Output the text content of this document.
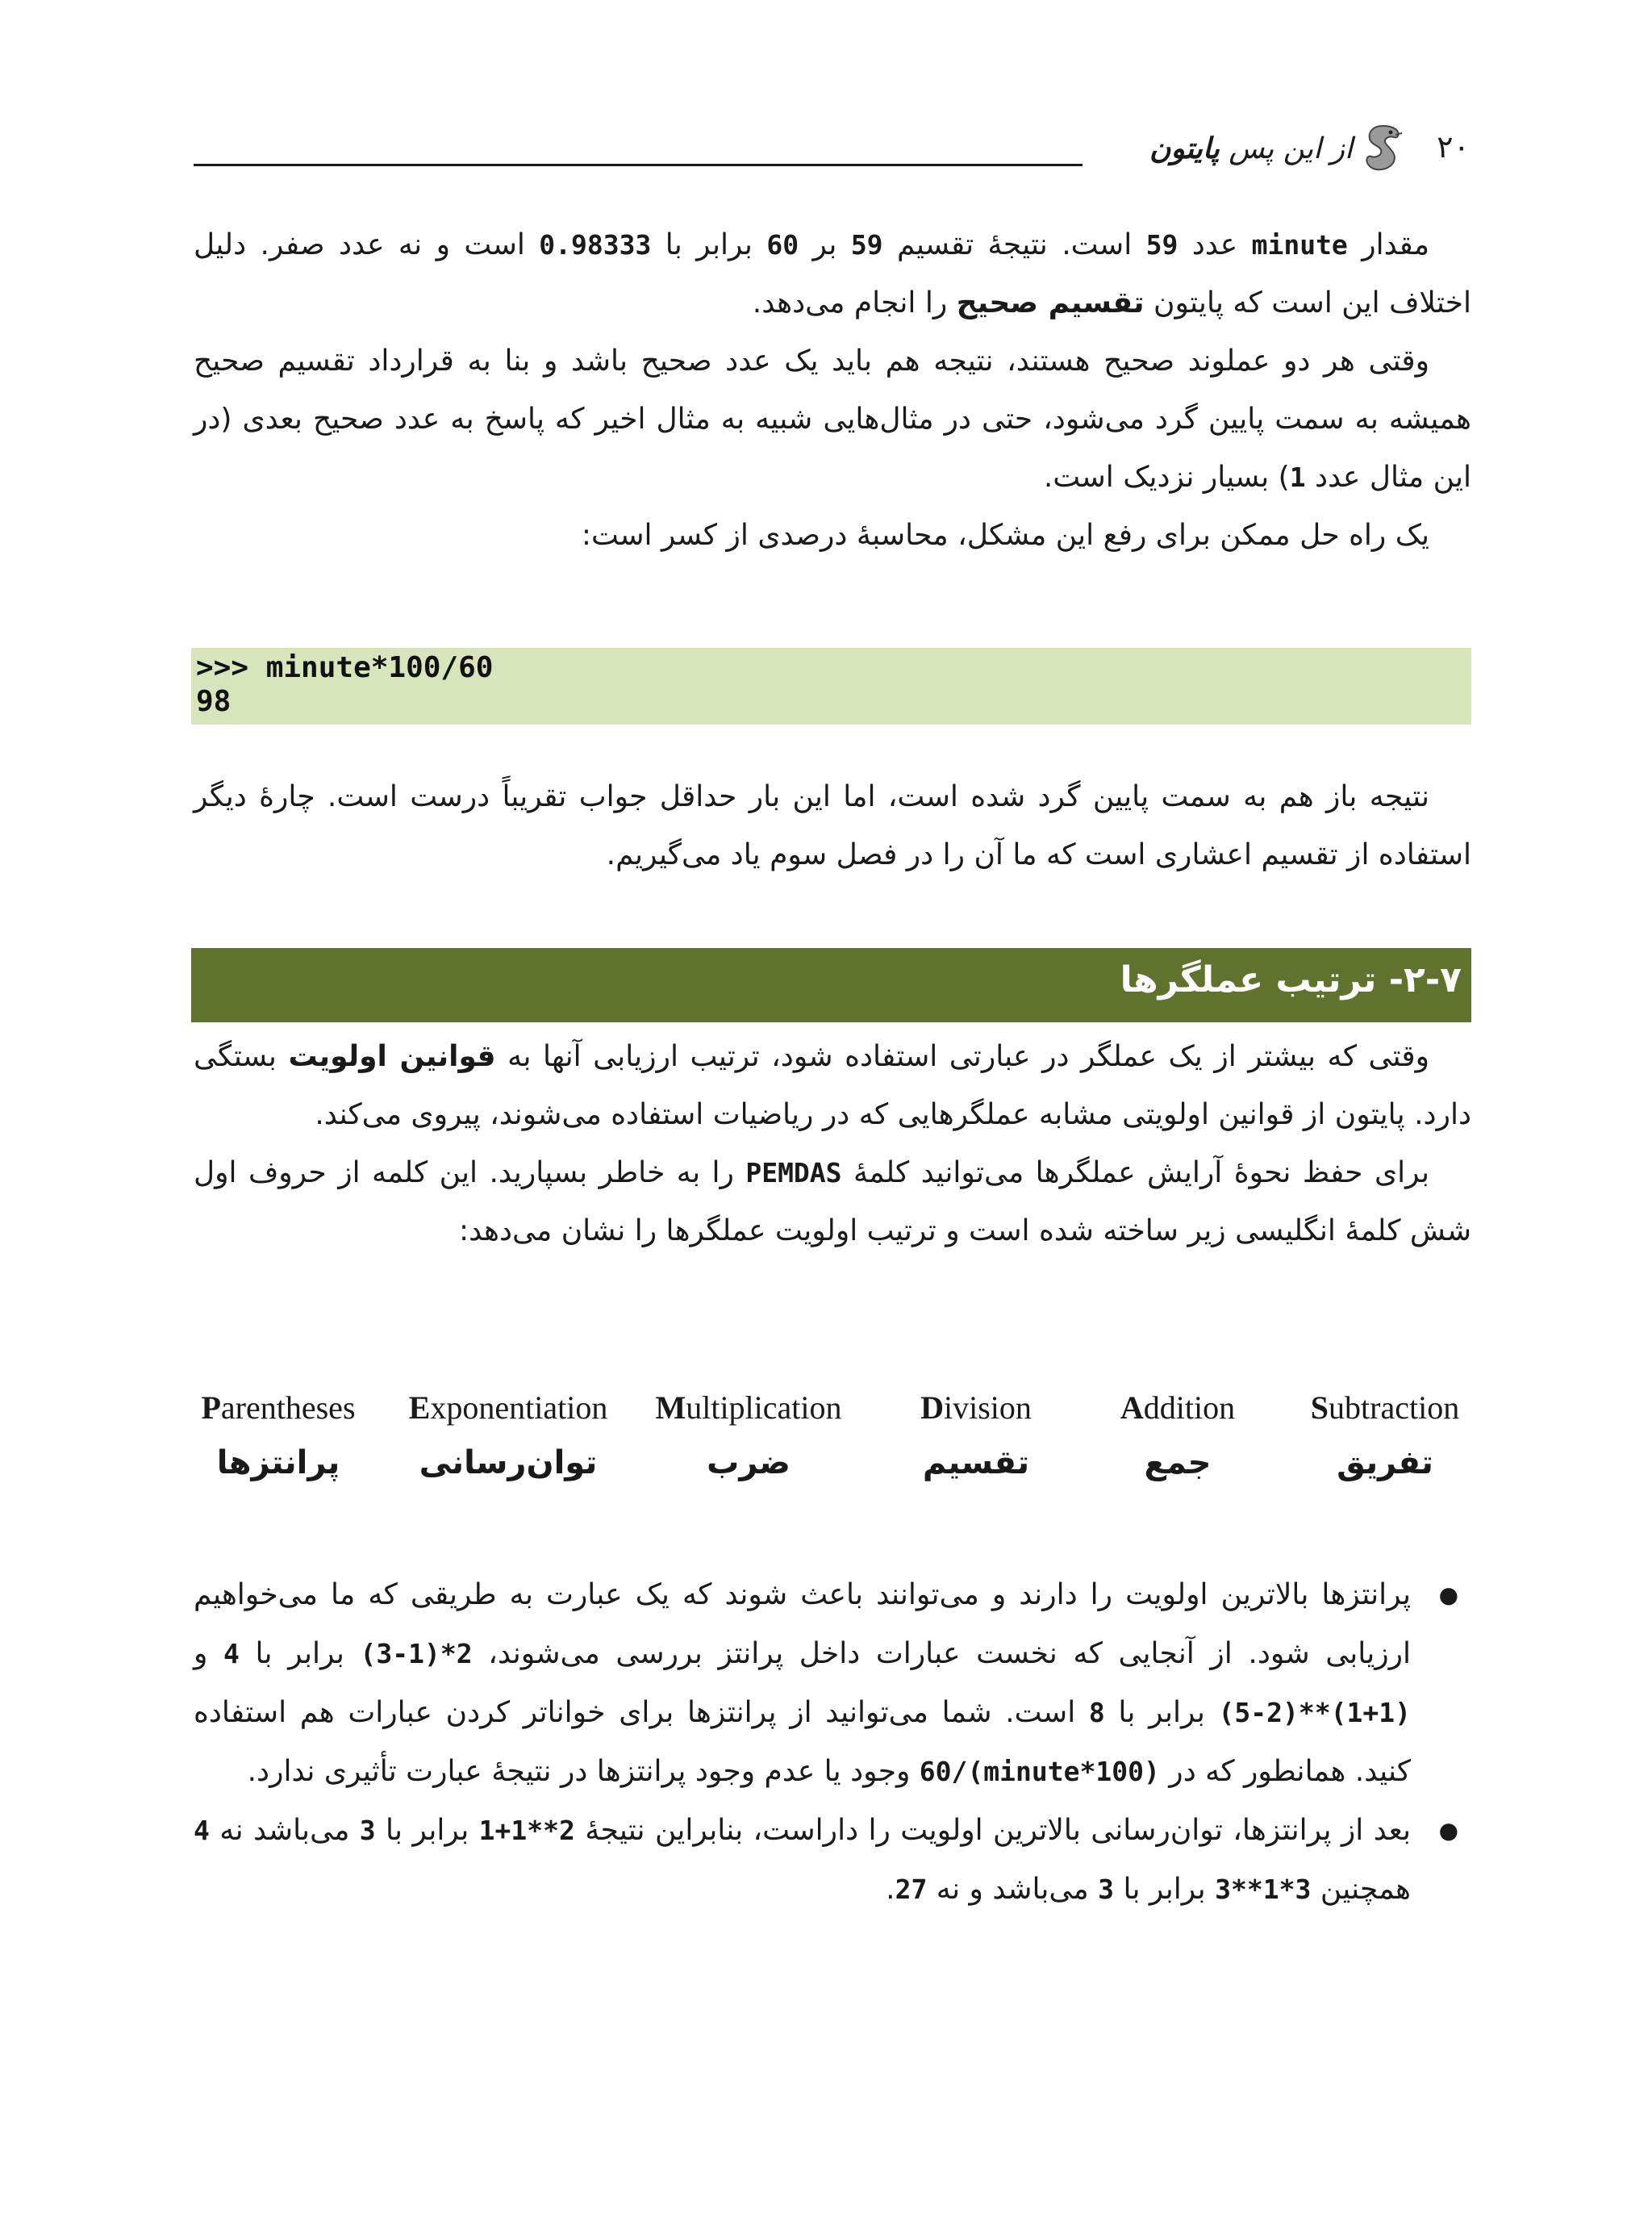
از این پس پایتون	۲۰

مقدار minute عدد 59 است. نتیجهٔ تقسیم 59 بر 60 برابر با 0.98333 است و نه عدد صفر. دلیل اختلاف این است که پایتون تقسیم صحیح را انجام می‌دهد.

وقتی هر دو عملوند صحیح هستند، نتیجه هم باید یک عدد صحیح باشد و بنا به قرارداد تقسیم صحیح همیشه به سمت پایین گرد می‌شود، حتی در مثال‌هایی شبیه به مثال اخیر که پاسخ به عدد صحیح بعدی (در این مثال عدد 1) بسیار نزدیک است.

یک راه حل ممکن برای رفع این مشکل، محاسبهٔ درصدی از کسر است:

>>> minute*100/60
98

نتیجه باز هم به سمت پایین گرد شده است، اما این بار حداقل جواب تقریباً درست است. چارهٔ دیگر استفاده از تقسیم اعشاری است که ما آن را در فصل سوم یاد می‌گیریم.

۲-۷- ترتیب عملگرها

وقتی که بیشتر از یک عملگر در عبارتی استفاده شود، ترتیب ارزیابی آنها به قوانین اولویت بستگی دارد. پایتون از قوانین اولویتی مشابه عملگرهایی که در ریاضیات استفاده می‌شوند، پیروی می‌کند.

برای حفظ نحوهٔ آرایش عملگرها می‌توانید کلمهٔ PEMDAS را به خاطر بسپارید. این کلمه از حروف اول شش کلمهٔ انگلیسی زیر ساخته شده است و ترتیب اولویت عملگرها را نشان می‌دهد:

Parentheses
پرانتزها
Exponentiation
توان‌رسانی
Multiplication
ضرب
Division
تقسیم
Addition
جمع
Subtraction
تفریق
●
پرانتزها بالاترین اولویت را دارند و می‌توانند باعث شوند که یک عبارت به طریقی که ما می‌خواهیم ارزیابی شود. از آنجایی که نخست عبارات داخل پرانتز بررسی می‌شوند، 2*(3-1) برابر با 4 و (1+1)**(5-2) برابر با 8 است. شما می‌توانید از پرانتزها برای خواناتر کردن عبارات هم استفاده کنید. همانطور که در (minute*100)/60 وجود یا عدم وجود پرانتزها در نتیجهٔ عبارت تأثیری ندارد.
●
بعد از پرانتزها، توان‌رسانی بالاترین اولویت را داراست، بنابراین نتیجهٔ 2**1+1 برابر با 3 می‌باشد نه 4 همچنین 3*1**3 برابر با 3 می‌باشد و نه 27.
